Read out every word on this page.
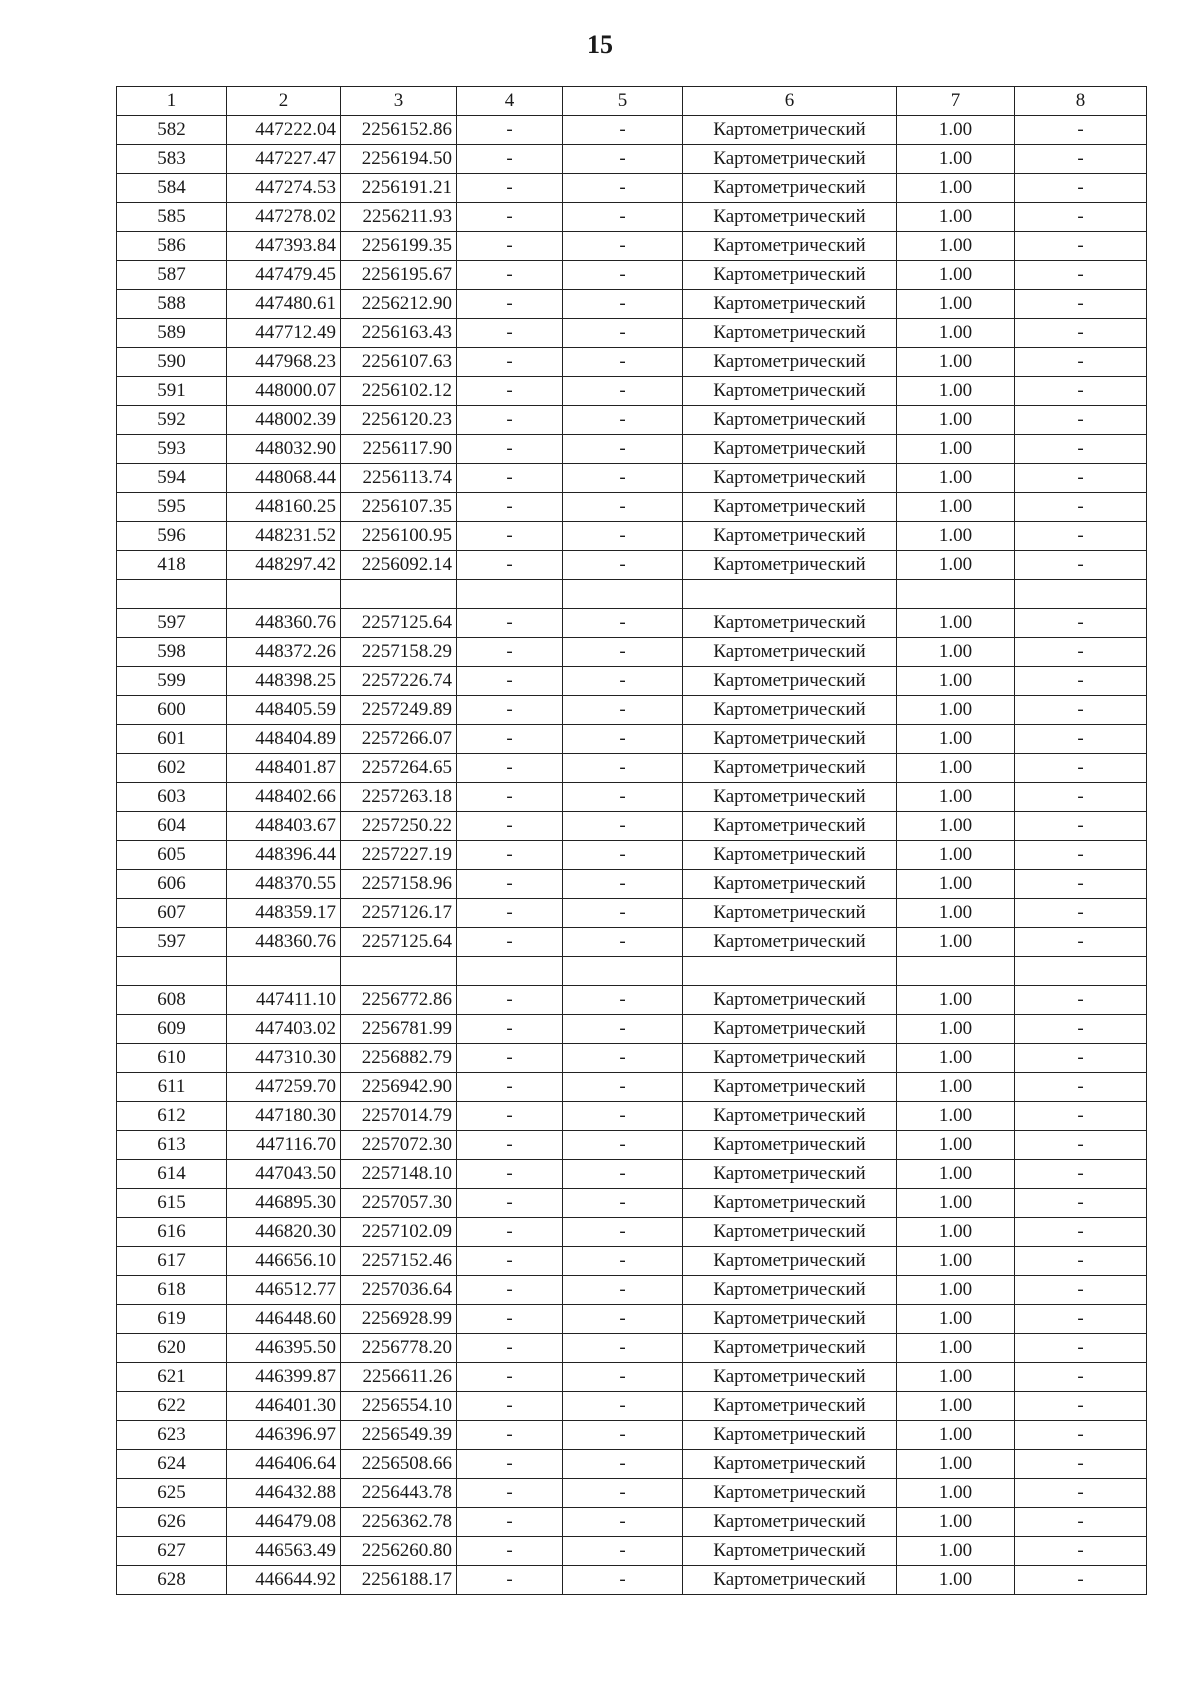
15
1	2	3	4	5	6	7	8
582	447222.04	2256152.86	-	-	Картометрический	1.00	-
583	447227.47	2256194.50	-	-	Картометрический	1.00	-
584	447274.53	2256191.21	-	-	Картометрический	1.00	-
585	447278.02	2256211.93	-	-	Картометрический	1.00	-
586	447393.84	2256199.35	-	-	Картометрический	1.00	-
587	447479.45	2256195.67	-	-	Картометрический	1.00	-
588	447480.61	2256212.90	-	-	Картометрический	1.00	-
589	447712.49	2256163.43	-	-	Картометрический	1.00	-
590	447968.23	2256107.63	-	-	Картометрический	1.00	-
591	448000.07	2256102.12	-	-	Картометрический	1.00	-
592	448002.39	2256120.23	-	-	Картометрический	1.00	-
593	448032.90	2256117.90	-	-	Картометрический	1.00	-
594	448068.44	2256113.74	-	-	Картометрический	1.00	-
595	448160.25	2256107.35	-	-	Картометрический	1.00	-
596	448231.52	2256100.95	-	-	Картометрический	1.00	-
418	448297.42	2256092.14	-	-	Картометрический	1.00	-

597	448360.76	2257125.64	-	-	Картометрический	1.00	-
598	448372.26	2257158.29	-	-	Картометрический	1.00	-
599	448398.25	2257226.74	-	-	Картометрический	1.00	-
600	448405.59	2257249.89	-	-	Картометрический	1.00	-
601	448404.89	2257266.07	-	-	Картометрический	1.00	-
602	448401.87	2257264.65	-	-	Картометрический	1.00	-
603	448402.66	2257263.18	-	-	Картометрический	1.00	-
604	448403.67	2257250.22	-	-	Картометрический	1.00	-
605	448396.44	2257227.19	-	-	Картометрический	1.00	-
606	448370.55	2257158.96	-	-	Картометрический	1.00	-
607	448359.17	2257126.17	-	-	Картометрический	1.00	-
597	448360.76	2257125.64	-	-	Картометрический	1.00	-

608	447411.10	2256772.86	-	-	Картометрический	1.00	-
609	447403.02	2256781.99	-	-	Картометрический	1.00	-
610	447310.30	2256882.79	-	-	Картометрический	1.00	-
611	447259.70	2256942.90	-	-	Картометрический	1.00	-
612	447180.30	2257014.79	-	-	Картометрический	1.00	-
613	447116.70	2257072.30	-	-	Картометрический	1.00	-
614	447043.50	2257148.10	-	-	Картометрический	1.00	-
615	446895.30	2257057.30	-	-	Картометрический	1.00	-
616	446820.30	2257102.09	-	-	Картометрический	1.00	-
617	446656.10	2257152.46	-	-	Картометрический	1.00	-
618	446512.77	2257036.64	-	-	Картометрический	1.00	-
619	446448.60	2256928.99	-	-	Картометрический	1.00	-
620	446395.50	2256778.20	-	-	Картометрический	1.00	-
621	446399.87	2256611.26	-	-	Картометрический	1.00	-
622	446401.30	2256554.10	-	-	Картометрический	1.00	-
623	446396.97	2256549.39	-	-	Картометрический	1.00	-
624	446406.64	2256508.66	-	-	Картометрический	1.00	-
625	446432.88	2256443.78	-	-	Картометрический	1.00	-
626	446479.08	2256362.78	-	-	Картометрический	1.00	-
627	446563.49	2256260.80	-	-	Картометрический	1.00	-
628	446644.92	2256188.17	-	-	Картометрический	1.00	-
